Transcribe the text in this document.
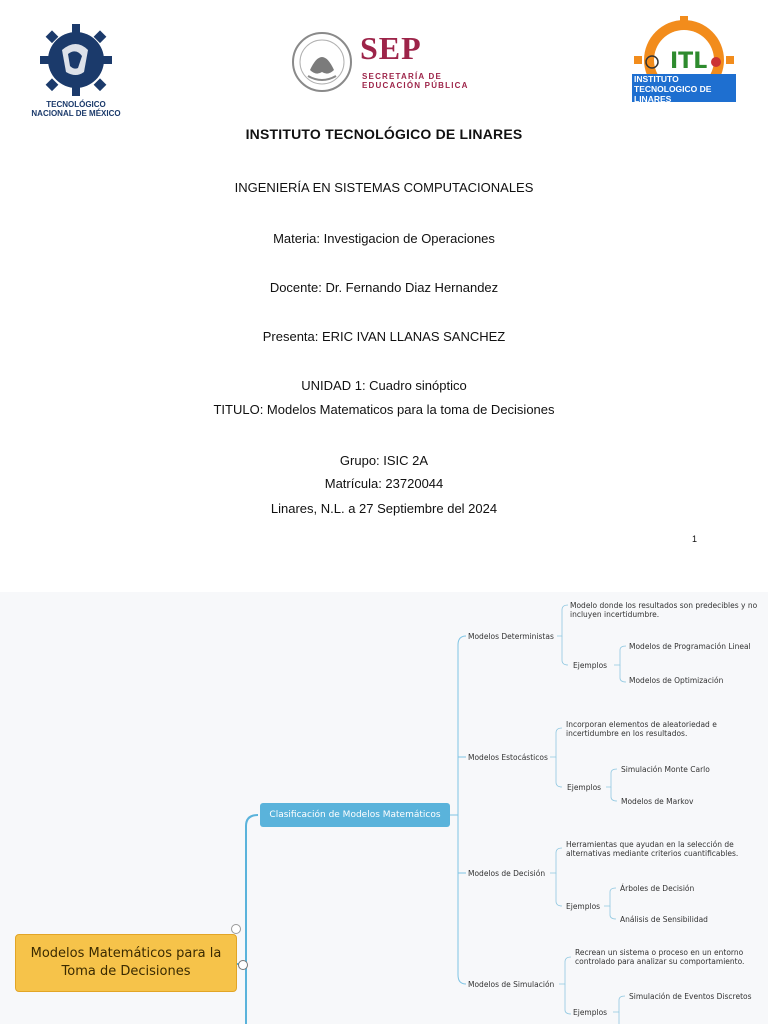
TECNOLÓGICO
NACIONAL DE MÉXICO
SEP
SECRETARÍA DE
EDUCACIÓN PÚBLICA
ITL
INSTITUTO
TECNOLOGICO DE LINARES
INSTITUTO TECNOLÓGICO DE LINARES
INGENIERÍA EN SISTEMAS COMPUTACIONALES
Materia: Investigacion de Operaciones
Docente: Dr. Fernando Diaz Hernandez
Presenta: ERIC IVAN LLANAS SANCHEZ
UNIDAD 1: Cuadro sinóptico
TITULO: Modelos Matematicos para la toma de Decisiones
Grupo: ISIC 2A
Matrícula: 23720044
Linares, N.L. a 27 Septiembre del 2024
1
Modelos Matemáticos para la Toma de Decisiones
Clasificación de Modelos Matemáticos
Modelos Deterministas
Modelo donde los resultados son predecibles y no incluyen incertidumbre.
Ejemplos
Modelos de Programación Lineal
Modelos de Optimización
Modelos Estocásticos
Incorporan elementos de aleatoriedad e incertidumbre en los resultados.
Ejemplos
Simulación Monte Carlo
Modelos de Markov
Modelos de Decisión
Herramientas que ayudan en la selección de alternativas mediante criterios cuantificables.
Ejemplos
Árboles de Decisión
Análisis de Sensibilidad
Modelos de Simulación
Recrean un sistema o proceso en un entorno controlado para analizar su comportamiento.
Ejemplos
Simulación de Eventos Discretos
